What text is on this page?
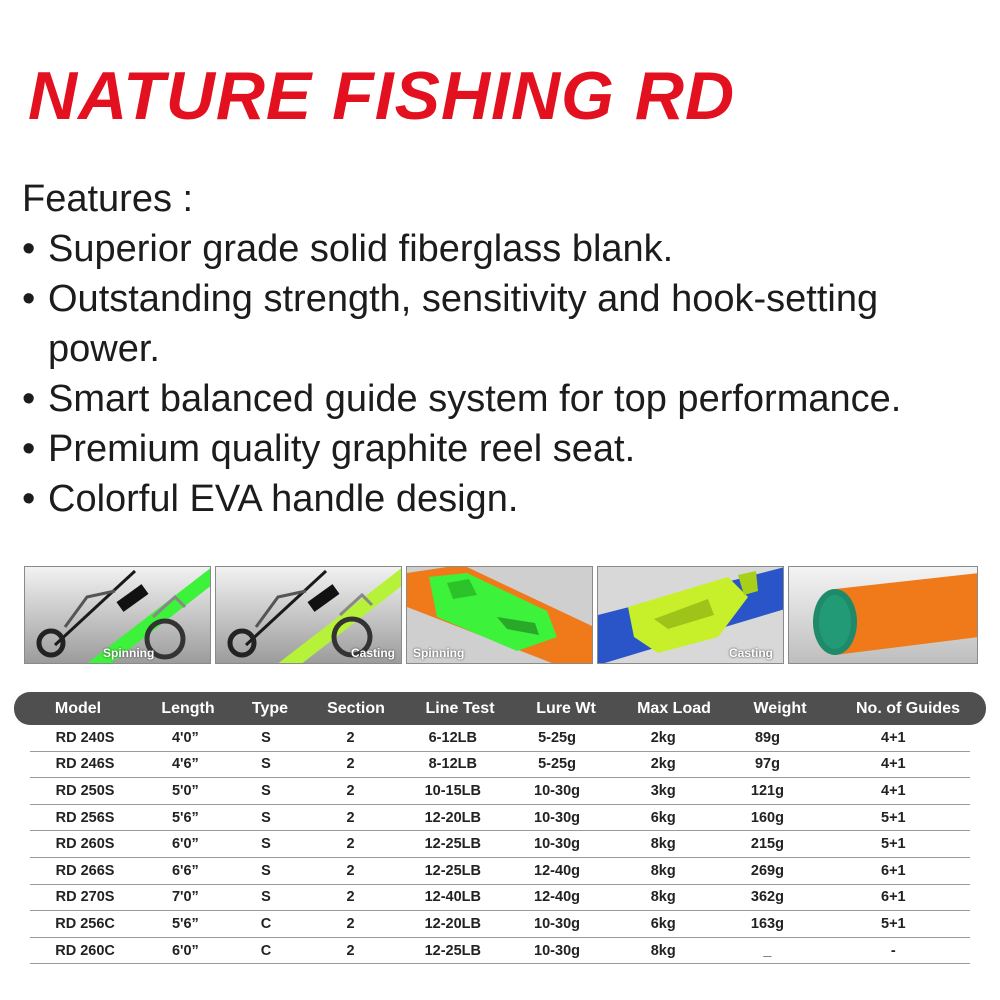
NATURE FISHING RD
Features :
• Superior grade solid fiberglass blank.
• Outstanding strength, sensitivity and hook-setting power.
• Smart balanced guide system for top performance.
• Premium quality graphite reel seat.
• Colorful EVA handle design.
Spinning	Casting Spinning	Casting
Model	Length	Type	Section	Line Test	Lure Wt	Max Load	Weight	No. of Guides
RD 240S	4'0”	S	2	6-12LB	5-25g	2kg	89g	4+1
RD 246S	4'6”	S	2	8-12LB	5-25g	2kg	97g	4+1
RD 250S	5'0”	S	2	10-15LB	10-30g	3kg	121g	4+1
RD 256S	5'6”	S	2	12-20LB	10-30g	6kg	160g	5+1
RD 260S	6'0”	S	2	12-25LB	10-30g	8kg	215g	5+1
RD 266S	6'6”	S	2	12-25LB	12-40g	8kg	269g	6+1
RD 270S	7'0”	S	2	12-40LB	12-40g	8kg	362g	6+1
RD 256C	5'6”	C	2	12-20LB	10-30g	6kg	163g	5+1
RD 260C	6'0”	C	2	12-25LB	10-30g	8kg	_	-
